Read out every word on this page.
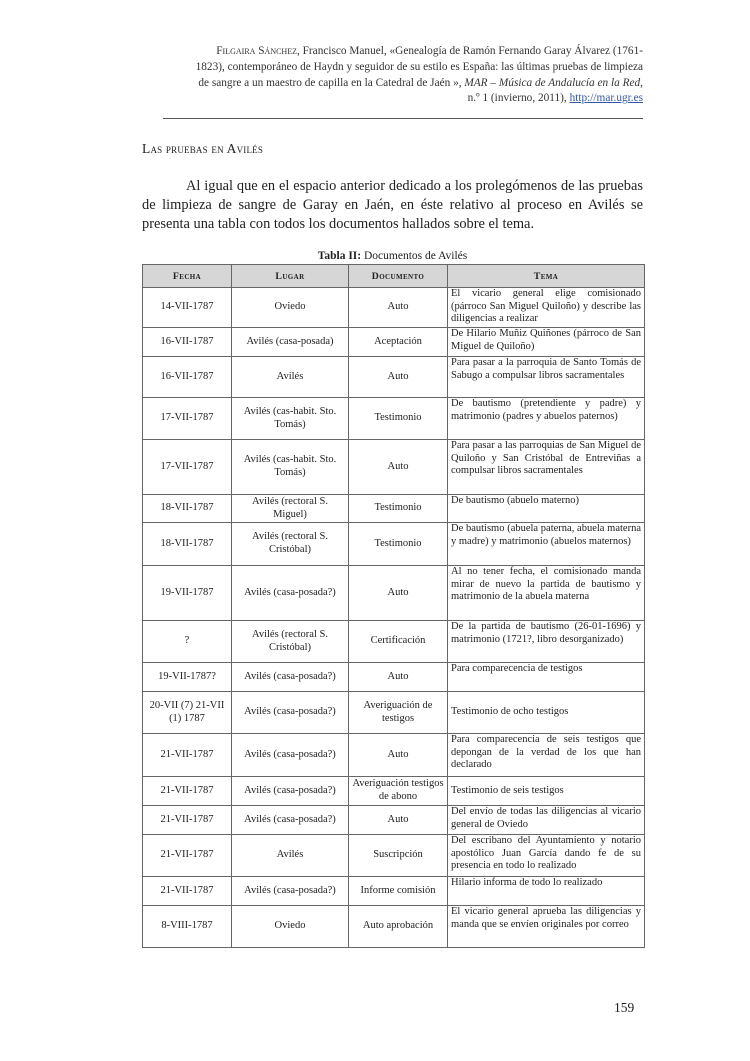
Filgaira Sánchez, Francisco Manuel, «Genealogía de Ramón Fernando Garay Álvarez (1761-
1823), contemporáneo de Haydn y seguidor de su estilo es España: las últimas pruebas de limpieza
de sangre a un maestro de capilla en la Catedral de Jaén », MAR – Música de Andalucía en la Red,
n.º 1 (invierno, 2011), http://mar.ugr.es
Las pruebas en Avilés

Al igual que en el espacio anterior dedicado a los prolegómenos de las pruebas de limpieza de sangre de Garay en Jaén, en éste relativo al proceso en Avilés se presenta una tabla con todos los documentos hallados sobre el tema.

Tabla II: Documentos de Avilés
Fecha	Lugar	Documento	Tema
14-VII-1787	Oviedo	Auto	El vicario general elige comisionado (párroco San Miguel Quiloño) y describe las diligencias a realizar
16-VII-1787	Avilés (casa-posada)	Aceptación	De Hilario Muñiz Quiñones (párroco de San Miguel de Quiloño)
16-VII-1787	Avilés	Auto	Para pasar a la parroquia de Santo Tomás de Sabugo a compulsar libros sacramentales
17-VII-1787	Avilés (cas-habit. Sto. Tomás)	Testimonio	De bautismo (pretendiente y padre) y matrimonio (padres y abuelos paternos)
17-VII-1787	Avilés (cas-habit. Sto. Tomás)	Auto	Para pasar a las parroquias de San Miguel de Quiloño y San Cristóbal de Entreviñas a compulsar libros sacramentales
18-VII-1787	Avilés (rectoral S. Miguel)	Testimonio	De bautismo (abuelo materno)
18-VII-1787	Avilés (rectoral S. Cristóbal)	Testimonio	De bautismo (abuela paterna, abuela materna y madre) y matrimonio (abuelos maternos)
19-VII-1787	Avilés (casa-posada?)	Auto	Al no tener fecha, el comisionado manda mirar de nuevo la partida de bautismo y matrimonio de la abuela materna
?	Avilés (rectoral S. Cristóbal)	Certificación	De la partida de bautismo (26-01-1696) y matrimonio (1721?, libro desorganizado)
19-VII-1787?	Avilés (casa-posada?)	Auto	Para comparecencia de testigos
20-VII (7) 21-VII (1) 1787	Avilés (casa-posada?)	Averiguación de testigos	Testimonio de ocho testigos
21-VII-1787	Avilés (casa-posada?)	Auto	Para comparecencia de seis testigos que depongan de la verdad de los que han declarado
21-VII-1787	Avilés (casa-posada?)	Averiguación testigos de abono	Testimonio de seis testigos
21-VII-1787	Avilés (casa-posada?)	Auto	Del envío de todas las diligencias al vicario general de Oviedo
21-VII-1787	Avilés	Suscripción	Del escribano del Ayuntamiento y notario apostólico Juan García dando fe de su presencia en todo lo realizado
21-VII-1787	Avilés (casa-posada?)	Informe comisión	Hilario informa de todo lo realizado
8-VIII-1787	Oviedo	Auto aprobación	El vicario general aprueba las diligencias y manda que se envíen originales por correo
159
